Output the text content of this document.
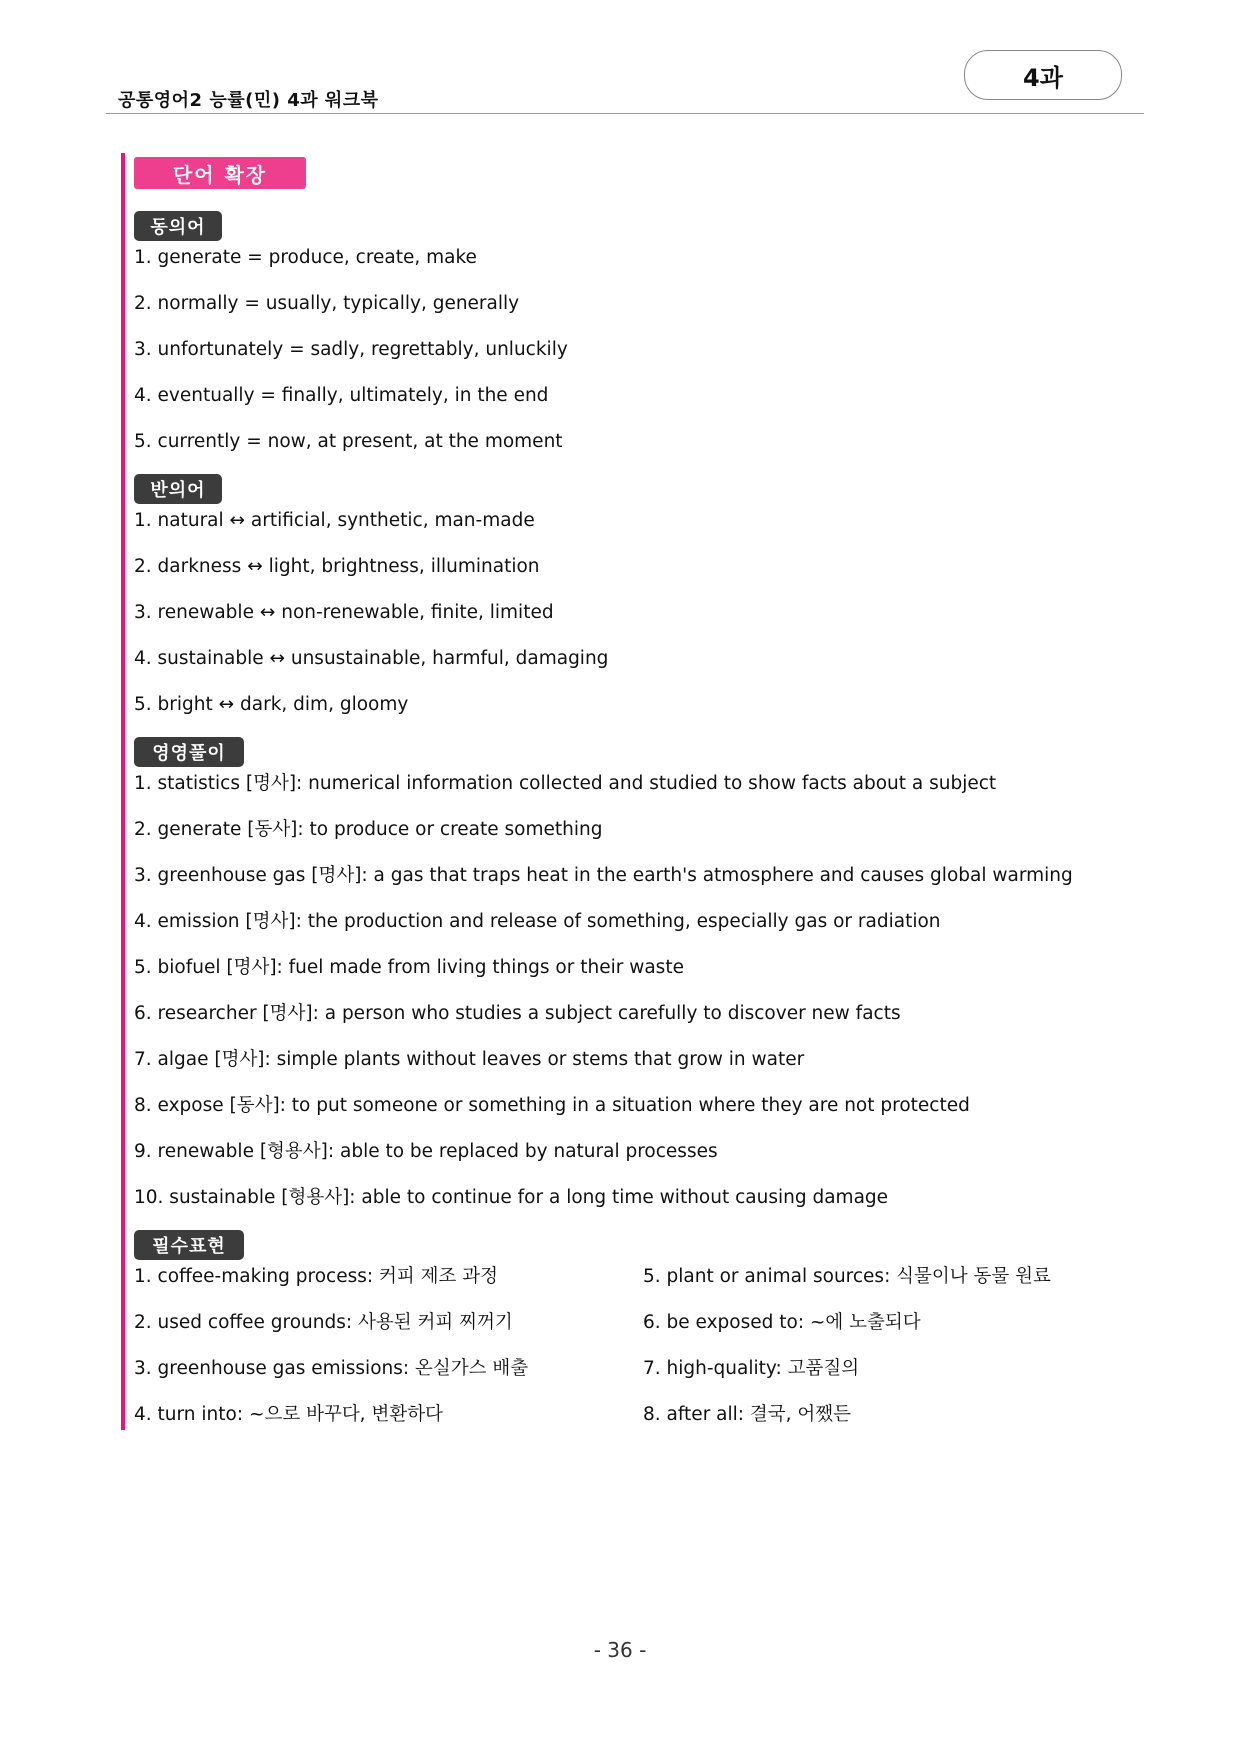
공통영어2 능률(민) 4과 워크북
4과
단어 확장
동의어
1. generate = produce, create, make
2. normally = usually, typically, generally
3. unfortunately = sadly, regrettably, unluckily
4. eventually = finally, ultimately, in the end
5. currently = now, at present, at the moment
반의어
1. natural ↔ artificial, synthetic, man-made
2. darkness ↔ light, brightness, illumination
3. renewable ↔ non-renewable, finite, limited
4. sustainable ↔ unsustainable, harmful, damaging
5. bright ↔ dark, dim, gloomy
영영풀이
1. statistics [명사]: numerical information collected and studied to show facts about a subject
2. generate [동사]: to produce or create something
3. greenhouse gas [명사]: a gas that traps heat in the earth's atmosphere and causes global warming
4. emission [명사]: the production and release of something, especially gas or radiation
5. biofuel [명사]: fuel made from living things or their waste
6. researcher [명사]: a person who studies a subject carefully to discover new facts
7. algae [명사]: simple plants without leaves or stems that grow in water
8. expose [동사]: to put someone or something in a situation where they are not protected
9. renewable [형용사]: able to be replaced by natural processes
10. sustainable [형용사]: able to continue for a long time without causing damage
필수표현
1. coffee-making process: 커피 제조 과정
2. used coffee grounds: 사용된 커피 찌꺼기
3. greenhouse gas emissions: 온실가스 배출
4. turn into: ~으로 바꾸다, 변환하다
5. plant or animal sources: 식물이나 동물 원료
6. be exposed to: ~에 노출되다
7. high-quality: 고품질의
8. after all: 결국, 어쨌든
- 36 -
